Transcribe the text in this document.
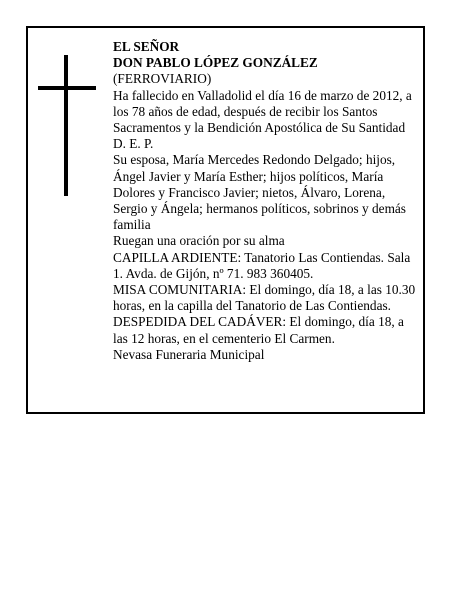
EL SEÑOR

DON PABLO LÓPEZ GONZÁLEZ

(FERROVIARIO)

Ha fallecido en Valladolid el día 16 de marzo de 2012, a los 78 años de edad, después de recibir los Santos Sacramentos y la Bendición Apostólica de Su Santidad

D. E. P.

Su esposa, María Mercedes Redondo Delgado; hijos, Ángel Javier y María Esther; hijos políticos, María Dolores y Francisco Javier; nietos, Álvaro, Lorena, Sergio y Ángela; hermanos políticos, sobrinos y demás familia

Ruegan una oración por su alma

CAPILLA ARDIENTE: Tanatorio Las Contiendas. Sala 1. Avda. de Gijón, nº 71. 983 360405.

MISA COMUNITARIA: El domingo, día 18, a las 10.30 horas, en la capilla del Tanatorio de Las Contiendas.

DESPEDIDA DEL CADÁVER: El domingo, día 18, a las 12 horas, en el cementerio El Carmen.

Nevasa Funeraria Municipal
